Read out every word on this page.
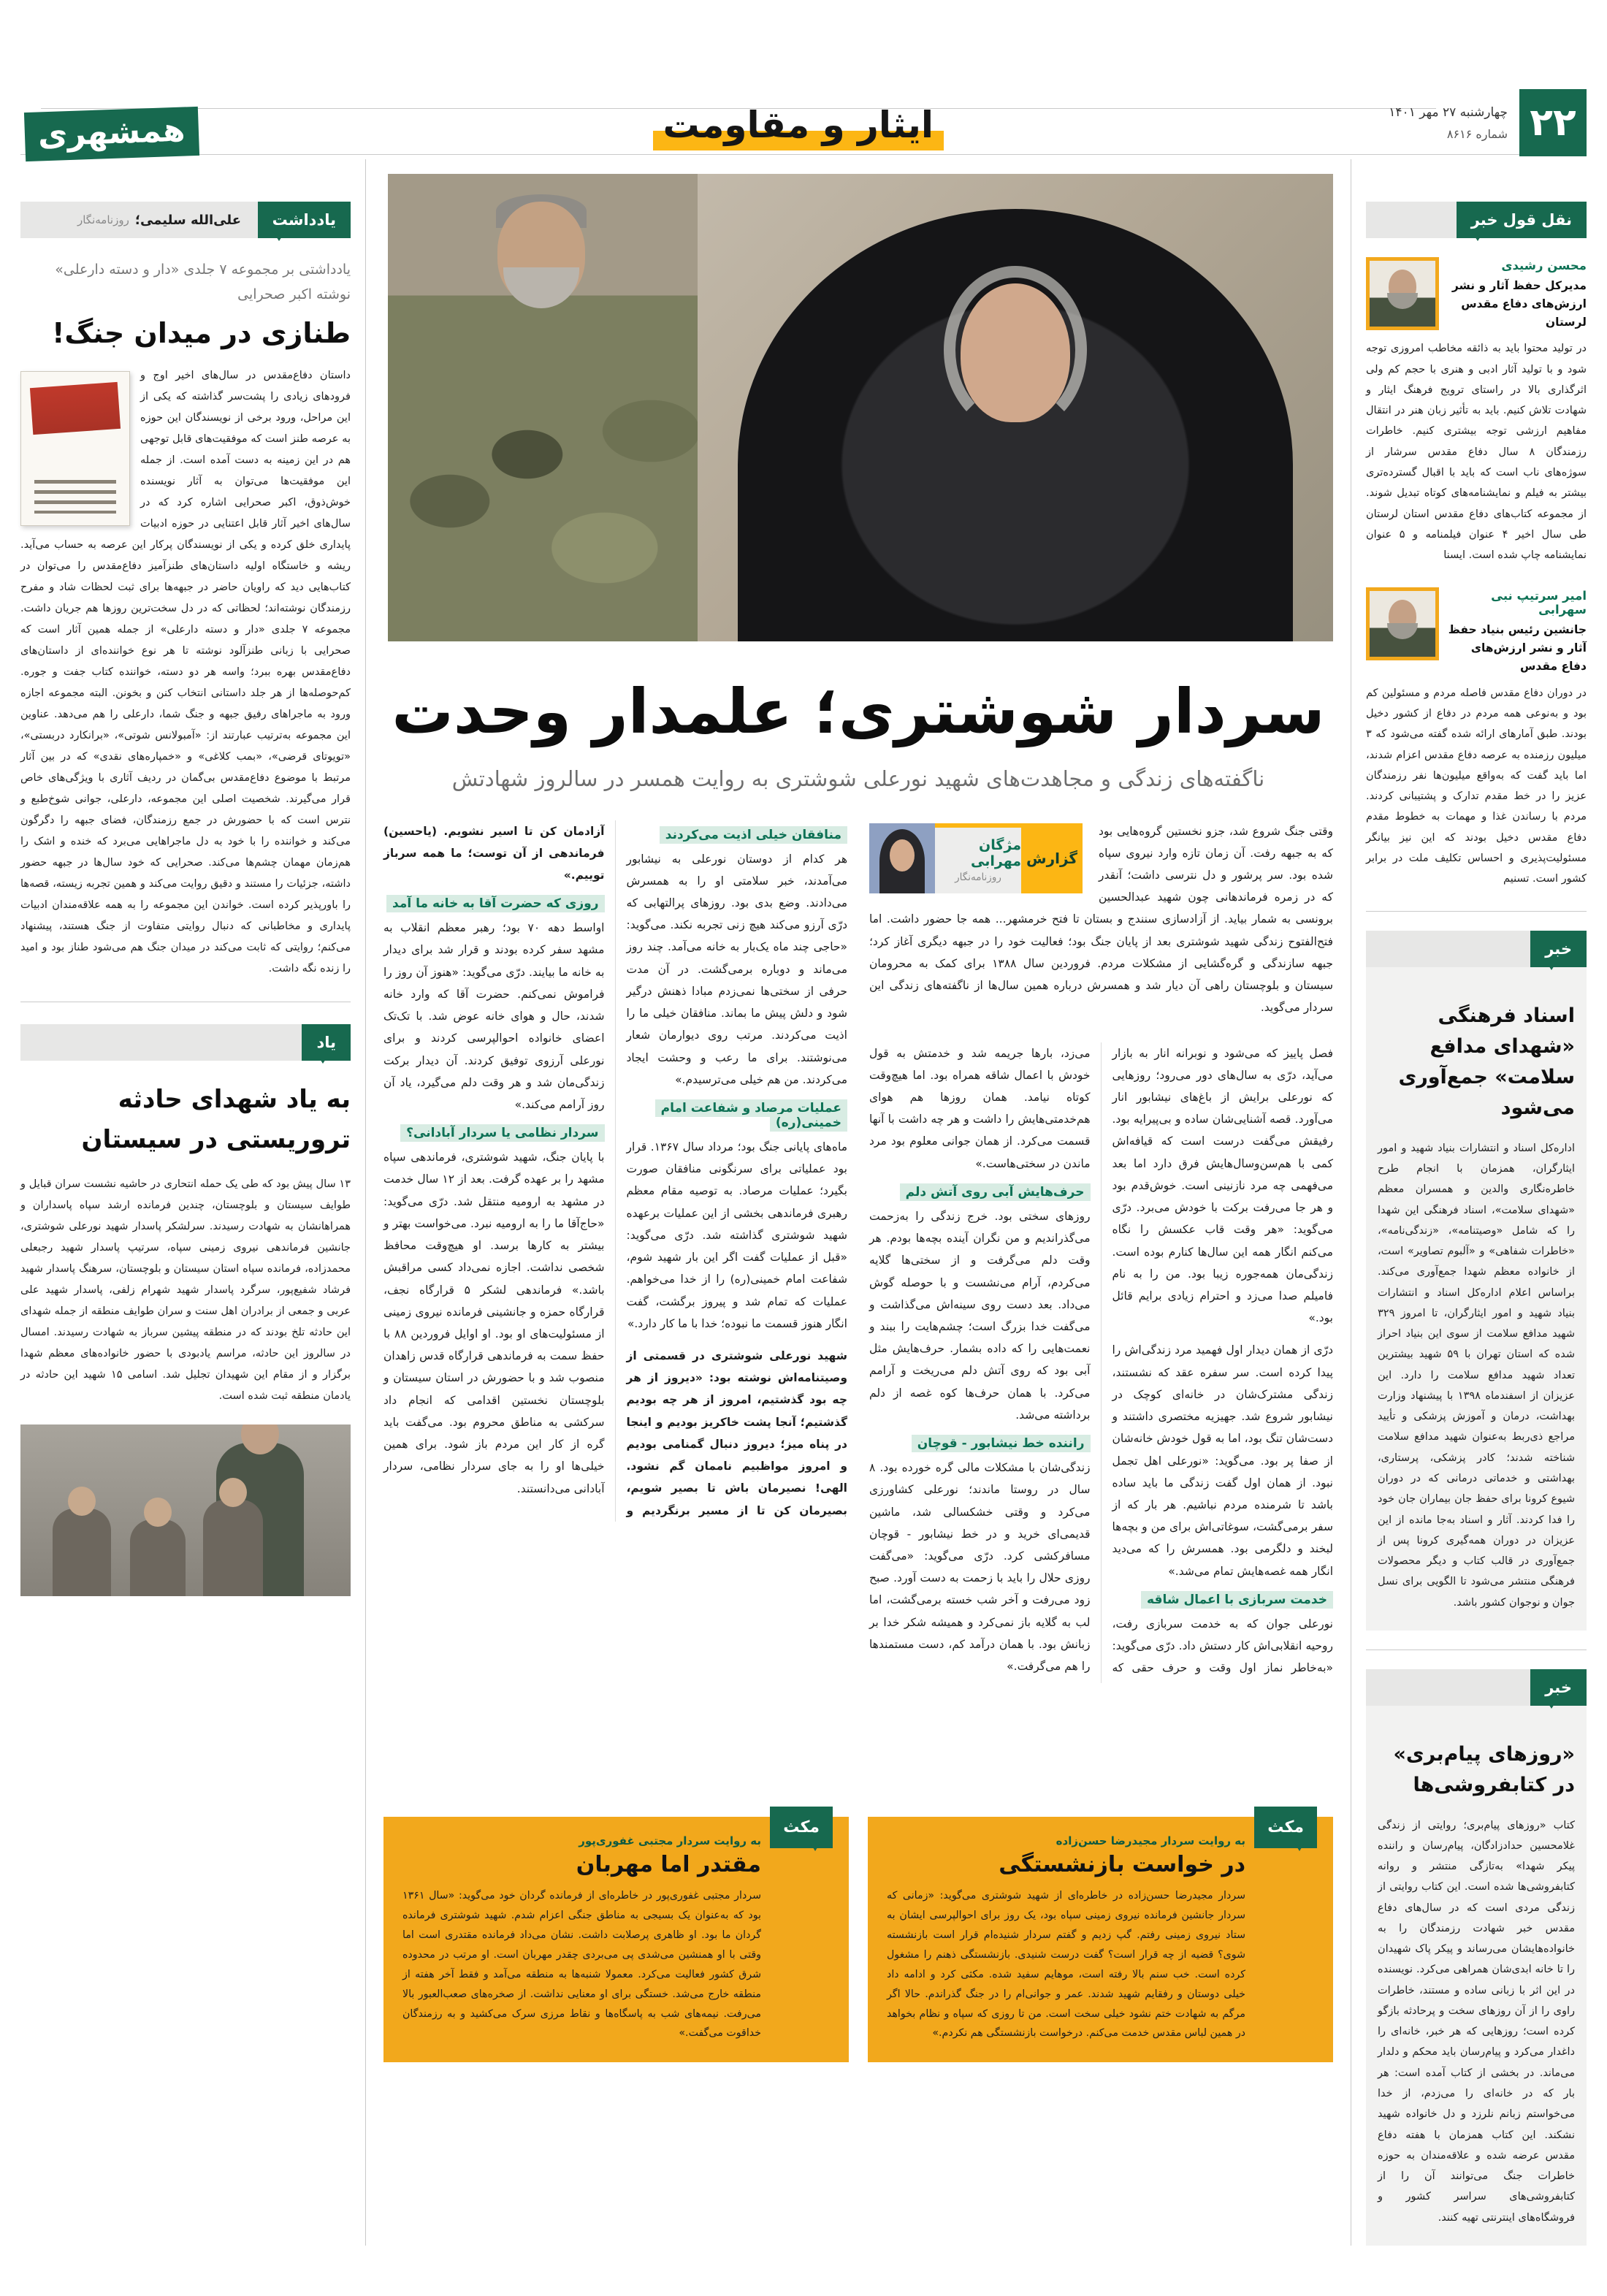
۲۲
چهارشنبه ۲۷ مهر ۱۴۰۱
شماره ۸۶۱۶
ایثار و مقاومت
همشهری
نقل قول خبر
محسن رشیدی
مدیرکل حفظ آثار و نشر ارزش‌های دفاع مقدس لرستان

در تولید محتوا باید به ذائقه مخاطب امروزی توجه شود و با تولید آثار ادبی و هنری با حجم کم ولی اثرگذاری بالا در راستای ترویج فرهنگ ایثار و شهادت تلاش کنیم. باید به تأثیر زبان هنر در انتقال مفاهیم ارزشی توجه بیشتری کنیم. خاطرات رزمندگان ۸ سال دفاع مقدس سرشار از سوژه‌های ناب است که باید با اقبال گسترده‌تری بیشتر به فیلم و نمایشنامه‌های کوتاه تبدیل شوند. از مجموعه کتاب‌های دفاع مقدس استان لرستان طی سال اخیر ۴ عنوان فیلمنامه و ۵ عنوان نمایشنامه چاپ شده است. ایسنا

امیر سرتیپ نبی سهرابی
جانشین رئیس بنیاد حفظ آثار و نشر ارزش‌های دفاع مقدس

در دوران دفاع مقدس فاصله مردم و مسئولین کم بود و به‌نوعی همه مردم در دفاع از کشور دخیل بودند. طبق آمارهای ارائه شده گفته می‌شود که ۳ میلیون رزمنده به عرصه دفاع مقدس اعزام شدند، اما باید گفت که به‌واقع میلیون‌ها نفر رزمندگان عزیز را در خط مقدم تدارک و پشتیبانی کردند. مردم با رساندن غذا و مهمات به خطوط مقدم دفاع مقدس دخیل بودند که این نیز بیانگر مسئولیت‌پذیری و احساس تکلیف ملت در برابر کشور است. تسنیم

خبر
اسناد فرهنگی «شهدای مدافع سلامت» جمع‌آوری می‌شود

اداره‌کل اسناد و انتشارات بنیاد شهید و امور ایثارگران، همزمان با انجام طرح خاطره‌نگاری والدین و همسران معظم «شهدای سلامت»، اسناد فرهنگی این شهدا را که شامل «وصیتنامه»، «زندگی‌نامه»، «خاطرات شفاهی» و «آلبوم تصاویر» است، از خانواده معظم شهدا جمع‌آوری می‌کند. براساس اعلام اداره‌کل اسناد و انتشارات بنیاد شهید و امور ایثارگران، تا امروز ۳۲۹ شهید مدافع سلامت از سوی این بنیاد احراز شده که استان تهران با ۵۹ شهید بیشترین تعداد شهید مدافع سلامت را دارد. این عزیزان از اسفندماه ۱۳۹۸ با پیشنهاد وزارت بهداشت، درمان و آموزش پزشکی و تأیید مراجع ذی‌ربط به‌عنوان شهید مدافع سلامت شناخته شدند؛ کادر پزشکی، پرستاری، بهداشتی و خدماتی درمانی که در دوران شیوع کرونا برای حفظ جان بیماران جان خود را فدا کردند. آثار و اسناد به‌جا مانده از این عزیزان در دوران همه‌گیری کرونا پس از جمع‌آوری در قالب کتاب و دیگر محصولات فرهنگی منتشر می‌شود تا الگویی برای نسل جوان و نوجوان کشور باشد.

خبر
«روزهای پیام‌بری» در کتابفروشی‌ها

کتاب «روزهای پیام‌بری؛ روایتی از زندگی غلامحسین حدادزادگان، پیام‌رسان و راننده پیکر شهدا» به‌تازگی منتشر و روانه کتابفروشی‌ها شده است. این کتاب روایتی از زندگی مردی است که در سال‌های دفاع مقدس خبر شهادت رزمندگان را به خانواده‌هایشان می‌رساند و پیکر پاک شهیدان را تا خانه ابدی‌شان همراهی می‌کرد. نویسنده در این اثر با زبانی ساده و مستند، خاطرات راوی را از آن روزهای سخت و پرحادثه بازگو کرده است؛ روزهایی که هر خبر، خانه‌ای را داغدار می‌کرد و پیام‌رسان باید محکم و دلدار می‌ماند. در بخشی از کتاب آمده است: هر بار که در خانه‌ای را می‌زدم، از خدا می‌خواستم زبانم نلرزد و دل خانواده شهید نشکند. این کتاب همزمان با هفته دفاع مقدس عرضه شده و علاقه‌مندان به حوزه خاطرات جنگ می‌توانند آن را از کتابفروشی‌های سراسر کشور و فروشگاه‌های اینترنتی تهیه کنند.

سردار شوشتری؛ علمدار وحدت
ناگفته‌های زندگی و مجاهدت‌های شهید نورعلی شوشتری به روایت همسر در سالروز شهادتش
گزارش
مژگان مهرابی
روزنامه‌نگار

وقتی جنگ شروع شد، جزو نخستین گروه‌هایی بود که به جبهه رفت. آن زمان تازه وارد نیروی سپاه شده بود. سر پرشور و دل نترسی داشت؛ آنقدر که در زمره فرماندهانی چون شهید عبدالحسین برونسی به شمار بیاید. از آزادسازی سنندج و بستان تا فتح خرمشهر... همه جا حضور داشت. اما فتح‌الفتوح زندگی شهید شوشتری بعد از پایان جنگ بود؛ فعالیت خود را در جبهه دیگری آغاز کرد؛ جبهه سازندگی و گره‌گشایی از مشکلات مردم. فروردین سال ۱۳۸۸ برای کمک به محرومان سیستان و بلوچستان راهی آن دیار شد و همسرش درباره همین سال‌ها از ناگفته‌های زندگی این سردار می‌گوید.

فصل پاییز که می‌شود و نوبرانه انار به بازار می‌آید، درّی به سال‌های دور می‌رود؛ روزهایی که نورعلی برایش از باغ‌های نیشابور انار می‌آورد. قصه آشنایی‌شان ساده و بی‌پیرایه بود. رفیقش می‌گفت درست است که قیافه‌اش کمی با هم‌سن‌وسال‌هایش فرق دارد اما بعد می‌فهمی چه مرد نازنینی است. خوش‌قدم بود و هر جا می‌رفت برکت با خودش می‌برد. درّی می‌گوید: «هر وقت قاب عکسش را نگاه می‌کنم انگار همه این سال‌ها کنارم بوده است. زندگی‌مان همه‌جوره زیبا بود. من را به نام فامیلم صدا می‌زد و احترام زیادی برایم قائل بود.»

درّی از همان دیدار اول فهمید مرد زندگی‌اش را پیدا کرده است. سر سفره عقد که نشستند، زندگی مشترک‌شان در خانه‌ای کوچک در نیشابور شروع شد. جهیزیه مختصری داشتند و دست‌شان تنگ بود، اما به قول خودش خانه‌شان از صفا پر بود. می‌گوید: «نورعلی اهل تجمل نبود. از همان اول گفت زندگی ما باید ساده باشد تا شرمنده مردم نباشیم. هر بار که از سفر برمی‌گشت، سوغاتی‌اش برای من و بچه‌ها لبخند و دلگرمی بود. همسرش را که می‌دید انگار همه غصه‌هایش تمام می‌شد.»

خدمت سربازی با اعمال شاقه

نورعلی جوان که به خدمت سربازی رفت، روحیه انقلابی‌اش کار دستش داد. درّی می‌گوید: «به‌خاطر نماز اول وقت و حرف حقی که می‌زد، بارها جریمه شد و خدمتش به قول خودش با اعمال شاقه همراه بود. اما هیچ‌وقت کوتاه نیامد. همان روزها هم هوای هم‌خدمتی‌هایش را داشت و هر چه داشت با آنها قسمت می‌کرد. از همان جوانی معلوم بود مرد ماندن در سختی‌هاست.»

حرف‌هایش آبی روی آتش دلم

روزهای سختی بود. خرج زندگی را به‌زحمت می‌گذراندیم و من نگران آینده بچه‌ها بودم. هر وقت دلم می‌گرفت و از سختی‌ها گلایه می‌کردم، آرام می‌نشست و با حوصله گوش می‌داد. بعد دست روی سینه‌اش می‌گذاشت و می‌گفت خدا بزرگ است؛ چشم‌هایت را ببند و نعمت‌هایی را که داده بشمار. حرف‌هایش مثل آبی بود که روی آتش دلم می‌ریخت و آرامم می‌کرد. با همان حرف‌ها کوه غصه از دلم برداشته می‌شد.

راننده خط نیشابور - قوچان

زندگی‌شان با مشکلات مالی گره خورده بود. ۸ سال در روستا ماندند؛ نورعلی کشاورزی می‌کرد و وقتی خشکسالی شد، ماشین قدیمی‌ای خرید و در خط نیشابور - قوچان مسافرکشی کرد. درّی می‌گوید: «می‌گفت روزی حلال را باید با زحمت به دست آورد. صبح زود می‌رفت و آخر شب خسته برمی‌گشت، اما لب به گلایه باز نمی‌کرد و همیشه شکر خدا بر زبانش بود. با همان درآمد کم، دست مستمندها را هم می‌گرفت.»

منافقان خیلی اذیت می‌کردند

هر کدام از دوستان نورعلی به نیشابور می‌آمدند، خبر سلامتی او را به همسرش می‌دادند. وضع بدی بود. روزهای پرالتهابی که درّی آرزو می‌کند هیچ زنی تجربه نکند. می‌گوید: «حاجی چند ماه یک‌بار به خانه می‌آمد. چند روز می‌ماند و دوباره برمی‌گشت. در آن مدت حرفی از سختی‌ها نمی‌زدم مبادا ذهنش درگیر شود و دلش پیش ما بماند. منافقان خیلی ما را اذیت می‌کردند. مرتب روی دیوارمان شعار می‌نوشتند. برای ما رعب و وحشت ایجاد می‌کردند. من هم خیلی می‌ترسیدم.»

عملیات مرصاد و شفاعت امام خمینی(ره)

ماه‌های پایانی جنگ بود؛ مرداد سال ۱۳۶۷. قرار بود عملیاتی برای سرنگونی منافقان صورت بگیرد؛ عملیات مرصاد. به توصیه مقام معظم رهبری فرماندهی بخشی از این عملیات برعهده شهید شوشتری گذاشته شد. درّی می‌گوید: «قبل از عملیات گفت اگر این بار شهید شوم، شفاعت امام خمینی(ره) را از خدا می‌خواهم. عملیات که تمام شد و پیروز برگشت، گفت انگار هنوز قسمت ما نبوده؛ خدا با ما کار دارد.»

شهید نورعلی شوشتری در قسمتی از وصیتنامه‌اش نوشته بود: «دیروز از هر چه بود گذشتیم، امروز از هر چه بودیم گذشتیم؛ آنجا پشت خاکریز بودیم و اینجا در پناه میز؛ دیروز دنبال گمنامی بودیم و امروز مواظبیم ناممان گم نشود. الهی! نصیرمان باش تا بصیر شویم، بصیرمان کن تا از مسیر برنگردیم و آزادمان کن تا اسیر نشویم. (یاحسین) فرماندهی از آن توست؛ ما همه سرباز توییم.»

روزی که حضرت آقا به خانه ما آمد

اواسط دهه ۷۰ بود؛ رهبر معظم انقلاب به مشهد سفر کرده بودند و قرار شد برای دیدار به خانه ما بیایند. درّی می‌گوید: «هنوز آن روز را فراموش نمی‌کنم. حضرت آقا که وارد خانه شدند، حال و هوای خانه عوض شد. با تک‌تک اعضای خانواده احوالپرسی کردند و برای نورعلی آرزوی توفیق کردند. آن دیدار برکت زندگی‌مان شد و هر وقت دلم می‌گیرد، یاد آن روز آرامم می‌کند.»

سردار نظامی یا سردار آبادانی؟

با پایان جنگ، شهید شوشتری، فرماندهی سپاه مشهد را بر عهده گرفت. بعد از ۱۲ سال خدمت در مشهد به ارومیه منتقل شد. درّی می‌گوید: «حاج‌آقا ما را به ارومیه نبرد. می‌خواست بهتر و بیشتر به کارها برسد. او هیچ‌وقت محافظ شخصی نداشت. اجازه نمی‌داد کسی مراقبش باشد.» فرماندهی لشکر ۵ قرارگاه نجف، قرارگاه حمزه و جانشینی فرمانده نیروی زمینی از مسئولیت‌های او بود. او اوایل فروردین ۸۸ با حفظ سمت به فرماندهی قرارگاه قدس زاهدان منصوب شد و با حضورش در استان سیستان و بلوچستان نخستین اقدامی که انجام داد سرکشی به مناطق محروم بود. می‌گفت باید گره از کار این مردم باز شود. برای همین خیلی‌ها او را به جای سردار نظامی، سردار آبادانی می‌دانستند.

مکث
به روایت سردار مجیدرضا حسن‌زاده
در خواست بازنشستگی

سردار مجیدرضا حسن‌زاده در خاطره‌ای از شهید شوشتری می‌گوید: «زمانی که سردار جانشین فرمانده نیروی زمینی سپاه بود، یک روز برای احوالپرسی ایشان به ستاد نیروی زمینی رفتم. گپ زدیم و گفتم سردار شنیده‌ام قرار است بازنشسته شوی؟ قضیه از چه قرار است؟ گفت درست شنیدی. بازنشستگی ذهنم را مشغول کرده است. خب سنم بالا رفته است، موهایم سفید شده. مکثی کرد و ادامه داد خیلی دوستان و رفقایم شهید شدند. عمر و جوانی‌ام را در جنگ گذراندم. حالا اگر مرگم به شهادت ختم نشود خیلی سخت است. من تا روزی که سپاه و نظام بخواهد در همین لباس مقدس خدمت می‌کنم. درخواست بازنشستگی هم نکردم.»

مکث
به روایت سردار مجتبی غفوری‌پور
مقتدر اما مهربان

سردار مجتبی غفوری‌پور در خاطره‌ای از فرمانده گردان خود می‌گوید: «سال ۱۳۶۱ بود که به‌عنوان یک بسیجی به مناطق جنگی اعزام شدم. شهید شوشتری فرمانده گردان ما بود. او ظاهری پرصلابت داشت. نشان می‌داد فرمانده مقتدری است اما وقتی با او همنشین می‌شدی پی می‌بردی چقدر مهربان است. او مرتب در محدوده شرق کشور فعالیت می‌کرد. معمولا شنبه‌ها به منطقه می‌آمد و فقط آخر هفته از منطقه خارج می‌شد. خستگی برای او معنایی نداشت. از صخره‌های صعب‌العبور بالا می‌رفت. نیمه‌های شب به پاسگاه‌ها و نقاط مرزی سرک می‌کشید و به رزمندگان خداقوت می‌گفت.»

یادداشت
علی‌الله سلیمی؛
روزنامه‌نگار
یادداشتی بر مجموعه ۷ جلدی «دار و دسته دارعلی» نوشته اکبر صحرایی
طنازی در میدان جنگ!

داستان دفاع‌مقدس در سال‌های اخیر اوج و فرودهای زیادی را پشت‌سر گذاشته که یکی از این مراحل، ورود برخی از نویسندگان این حوزه به عرصه طنز است که موفقیت‌های قابل توجهی هم در این زمینه به دست آمده است. از جمله این موفقیت‌ها می‌توان به آثار نویسنده خوش‌ذوق، اکبر صحرایی اشاره کرد که در سال‌های اخیر آثار قابل اعتنایی در حوزه ادبیات پایداری خلق کرده و یکی از نویسندگان پرکار این عرصه به حساب می‌آید. ریشه و خاستگاه اولیه داستان‌های طنزآمیز دفاع‌مقدس را می‌توان در کتاب‌هایی دید که راویان حاضر در جبهه‌ها برای ثبت لحظات شاد و مفرح رزمندگان نوشته‌اند؛ لحظاتی که در دل سخت‌ترین روزها هم جریان داشت. مجموعه ۷ جلدی «دار و دسته دارعلی» از جمله همین آثار است که صحرایی با زبانی طنزآلود نوشته تا هر نوع خواننده‌ای از داستان‌های دفاع‌مقدس بهره ببرد؛ واسه هر دو دسته، خواننده کتاب جفت و جوره. کم‌حوصله‌ها از هر جلد داستانی انتخاب کنن و بخونن. البته مجموعه اجازه ورود به ماجراهای رفیق جبهه و جنگ شما، دارعلی را هم می‌دهد. عناوین این مجموعه به‌ترتیب عبارتند از: «آمبولانس شوتی»، «برانکارد دربستی»، «تویوتای قرضی»، «بمب کلاغی» و «خمپاره‌های نقدی» که در بین آثار مرتبط با موضوع دفاع‌مقدس بی‌گمان در ردیف آثاری با ویژگی‌های خاص قرار می‌گیرند. شخصیت اصلی این مجموعه، دارعلی، جوانی شوخ‌طبع و نترس است که با حضورش در جمع رزمندگان، فضای جبهه را دگرگون می‌کند و خواننده را با خود به دل ماجراهایی می‌برد که خنده و اشک را هم‌زمان مهمان چشم‌ها می‌کند. صحرایی که خود سال‌ها در جبهه حضور داشته، جزئیات را مستند و دقیق روایت می‌کند و همین تجربه زیسته، قصه‌ها را باورپذیر کرده است. خواندن این مجموعه را به همه علاقه‌مندان ادبیات پایداری و مخاطبانی که دنبال روایتی متفاوت از جنگ هستند، پیشنهاد می‌کنم؛ روایتی که ثابت می‌کند در میدان جنگ هم می‌شود طناز بود و امید را زنده نگه داشت.

یاد
به یاد شهدای حادثه تروریستی در سیستان

۱۳ سال پیش بود که طی یک حمله انتحاری در حاشیه نشست سران قبایل و طوایف سیستان و بلوچستان، چندین فرمانده ارشد سپاه پاسداران و همراهانشان به شهادت رسیدند. سرلشکر پاسدار شهید نورعلی شوشتری، جانشین فرماندهی نیروی زمینی سپاه، سرتیپ پاسدار شهید رجبعلی محمدزاده، فرمانده سپاه استان سیستان و بلوچستان، سرهنگ پاسدار شهید فرشاد شفیع‌پور، سرگرد پاسدار شهید شهرام زلفی، پاسدار شهید علی عربی و جمعی از برادران اهل سنت و سران طوایف منطقه از جمله شهدای این حادثه تلخ بودند که در منطقه پیشین سرباز به شهادت رسیدند. امسال در سالروز این حادثه، مراسم یادبودی با حضور خانواده‌های معظم شهدا برگزار و از مقام این شهیدان تجلیل شد. اسامی ۱۵ شهید این حادثه در یادمان منطقه ثبت شده است.
